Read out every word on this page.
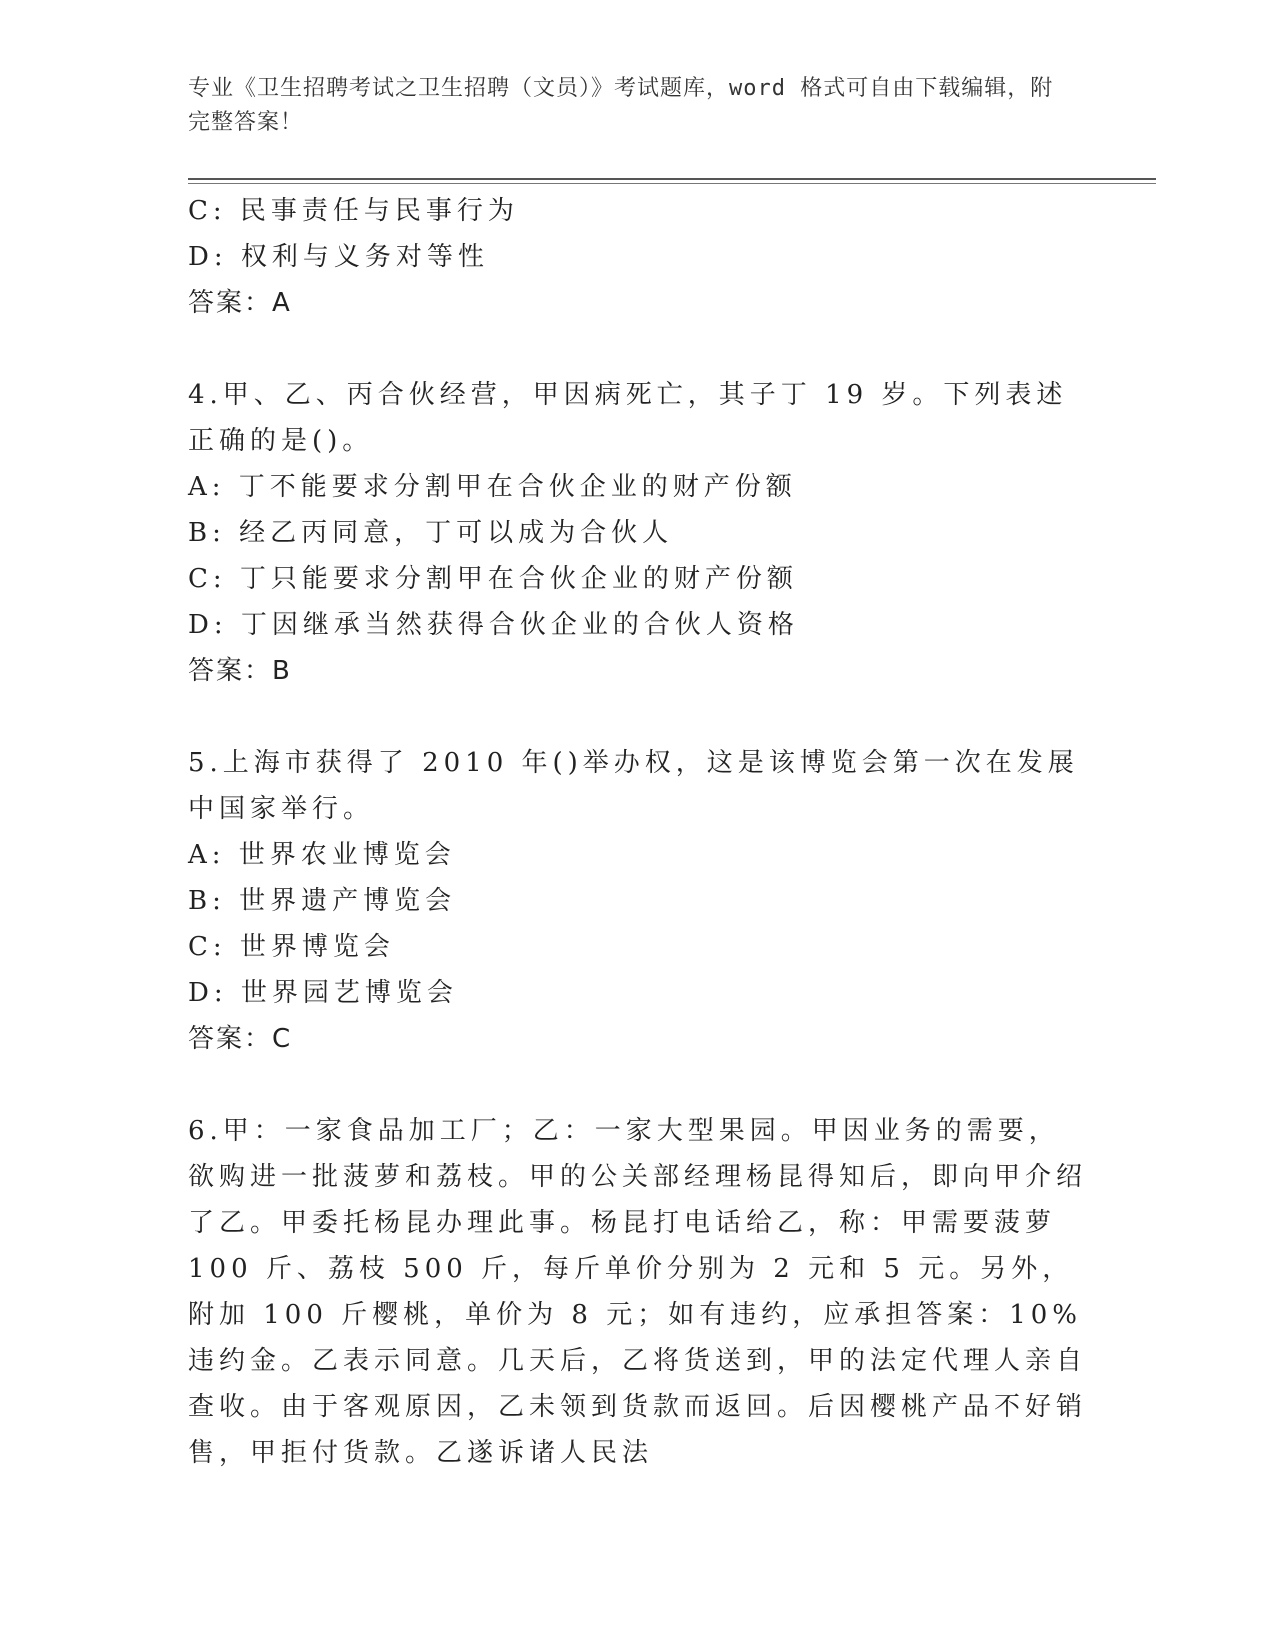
专业《卫生招聘考试之卫生招聘（文员）》考试题库，word 格式可自由下载编辑，附完整答案！
C: 民事责任与民事行为
D: 权利与义务对等性
答案：A
4.甲、乙、丙合伙经营，甲因病死亡，其子丁 19 岁。下列表述正确的是()。
A: 丁不能要求分割甲在合伙企业的财产份额
B: 经乙丙同意，丁可以成为合伙人
C: 丁只能要求分割甲在合伙企业的财产份额
D: 丁因继承当然获得合伙企业的合伙人资格
答案：B
5.上海市获得了 2010 年()举办权，这是该博览会第一次在发展中国家举行。
A: 世界农业博览会
B: 世界遗产博览会
C: 世界博览会
D: 世界园艺博览会
答案：C
6.甲：一家食品加工厂；乙：一家大型果园。甲因业务的需要，欲购进一批菠萝和荔枝。甲的公关部经理杨昆得知后，即向甲介绍了乙。甲委托杨昆办理此事。杨昆打电话给乙，称：甲需要菠萝 100 斤、荔枝 500 斤，每斤单价分别为 2 元和 5 元。另外，附加 100 斤樱桃，单价为 8 元；如有违约，应承担答案：10%违约金。乙表示同意。几天后，乙将货送到，甲的法定代理人亲自查收。由于客观原因，乙未领到货款而返回。后因樱桃产品不好销售，甲拒付货款。乙遂诉诸人民法
